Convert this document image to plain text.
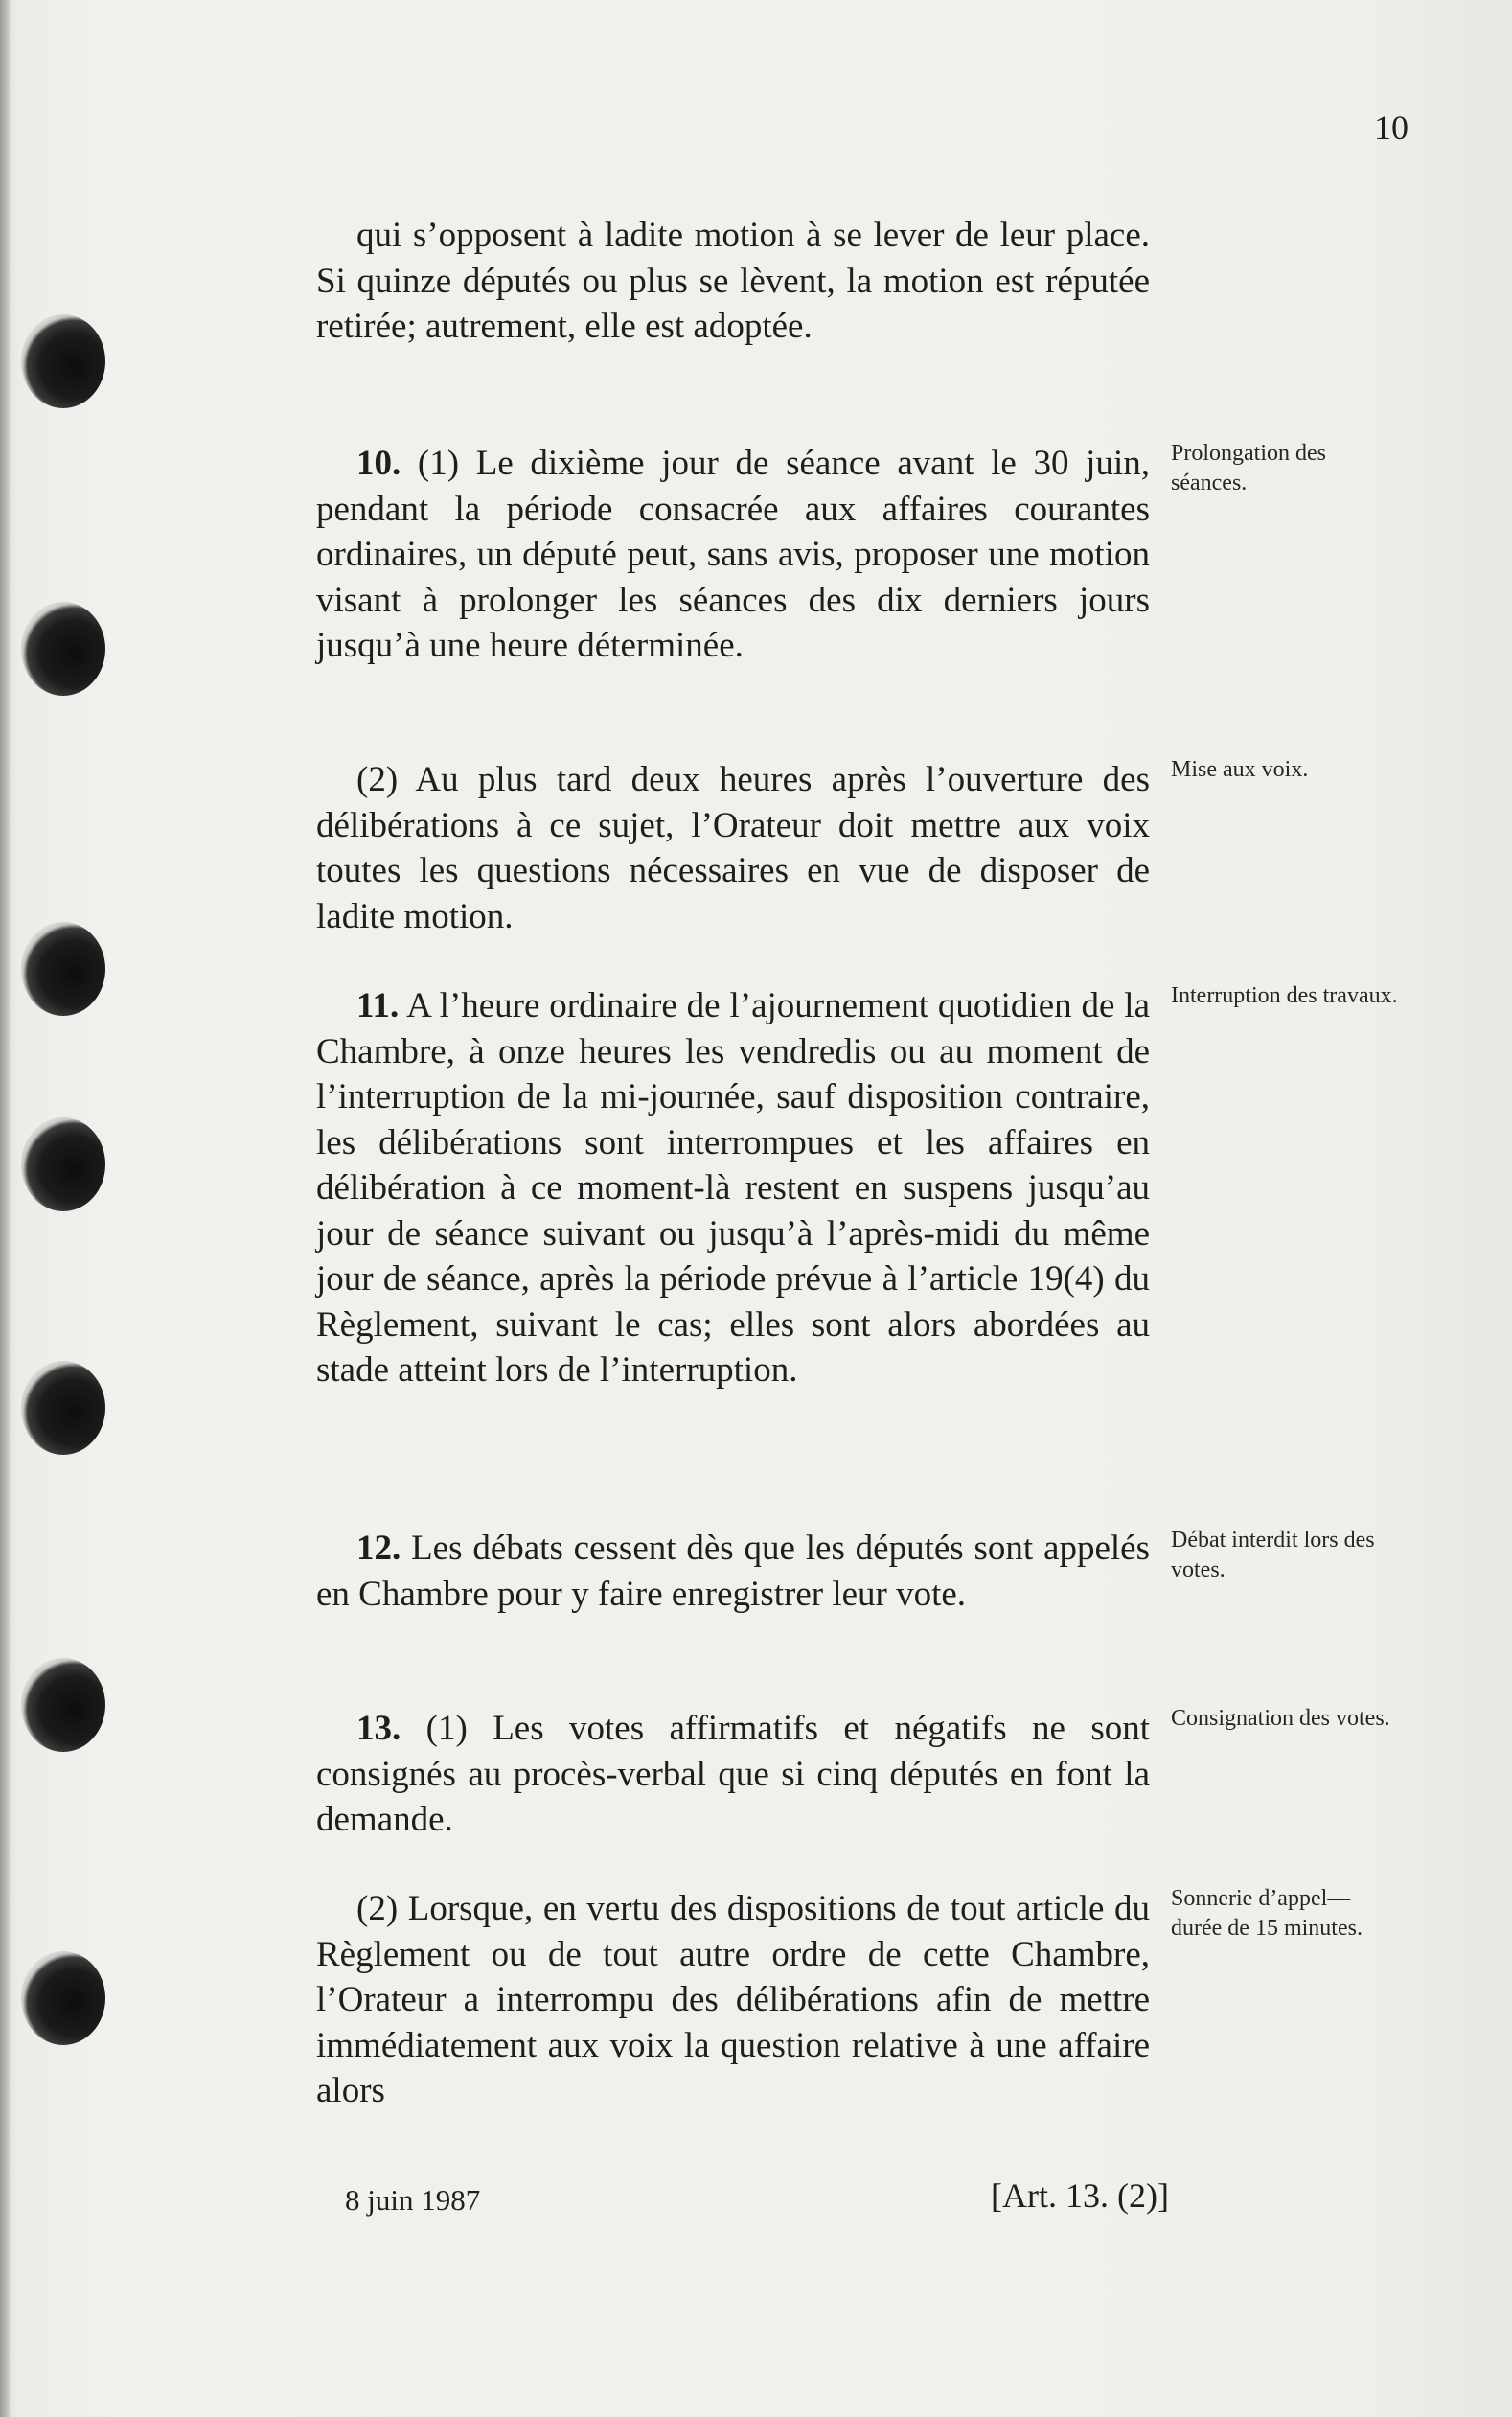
10

qui s’opposent à ladite motion à se lever de leur place. Si quinze députés ou plus se lèvent, la motion est réputée retirée; autrement, elle est adoptée.

10. (1) Le dixième jour de séance avant le 30 juin, pendant la période consacrée aux affaires courantes ordinaires, un député peut, sans avis, proposer une motion visant à prolonger les séances des dix derniers jours jusqu’à une heure déterminée.

Prolongation des séances.

(2) Au plus tard deux heures après l’ouverture des délibérations à ce sujet, l’Orateur doit mettre aux voix toutes les questions nécessaires en vue de disposer de ladite motion.

Mise aux voix.

11. A l’heure ordinaire de l’ajournement quotidien de la Chambre, à onze heures les vendredis ou au moment de l’interruption de la mi-journée, sauf disposition contraire, les délibérations sont interrompues et les affaires en délibération à ce moment-là restent en suspens jusqu’au jour de séance suivant ou jusqu’à l’après-midi du même jour de séance, après la période prévue à l’article 19(4) du Règlement, suivant le cas; elles sont alors abordées au stade atteint lors de l’interruption.

Interruption des travaux.

12. Les débats cessent dès que les députés sont appelés en Chambre pour y faire enregistrer leur vote.

Débat interdit lors des votes.

13. (1) Les votes affirmatifs et négatifs ne sont consignés au procès-verbal que si cinq députés en font la demande.

Consignation des votes.

(2) Lorsque, en vertu des dispositions de tout article du Règlement ou de tout autre ordre de cette Chambre, l’Orateur a interrompu des délibérations afin de mettre immédiatement aux voix la question relative à une affaire alors

Sonnerie d’appel—durée de 15 minutes.

8 juin 1987	[Art. 13. (2)]
